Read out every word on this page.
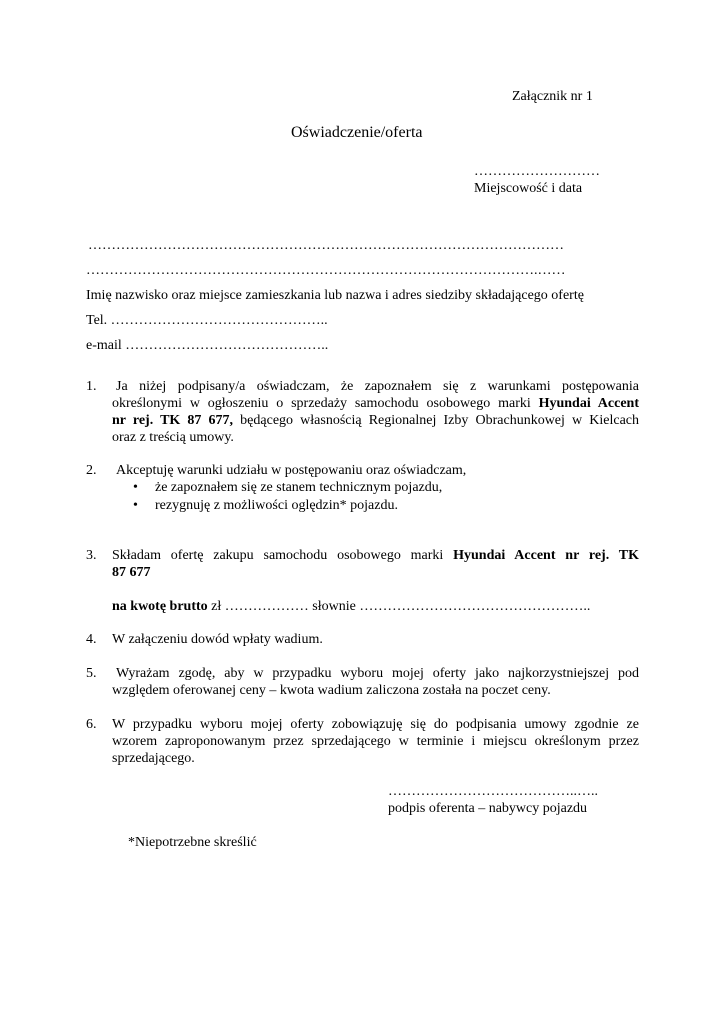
Załącznik nr 1
Oświadczenie/oferta
………………………
Miejscowość i data
…………………………………………………………………………………………
…………………………………………………………………………………….……
Imię nazwisko oraz miejsce zamieszkania lub nazwa i adres siedziby składającego ofertę
Tel. ………………………………………..
e-mail ……………………………………..
1. Ja niżej podpisany/a oświadczam, że zapoznałem się z warunkami postępowania
określonymi w ogłoszeniu o sprzedaży samochodu osobowego marki Hyundai Accent
nr rej. TK 87 677, będącego własnością Regionalnej Izby Obrachunkowej w Kielcach
oraz z treścią umowy.
2. Akceptuję warunki udziału w postępowaniu oraz oświadczam,
• że zapoznałem się ze stanem technicznym pojazdu,
• rezygnuję z możliwości oględzin* pojazdu.
3. Składam ofertę zakupu samochodu osobowego marki Hyundai Accent nr rej. TK
87 677
na kwotę brutto zł ……………… słownie …………………………………………..
4. W załączeniu dowód wpłaty wadium.
5. Wyrażam zgodę, aby w przypadku wyboru mojej oferty jako najkorzystniejszej pod
względem oferowanej ceny – kwota wadium zaliczona została na poczet ceny.
6. W przypadku wyboru mojej oferty zobowiązuję się do podpisania umowy zgodnie ze
wzorem zaproponowanym przez sprzedającego w terminie i miejscu określonym przez
sprzedającego.
…………………………………..…..
podpis oferenta – nabywcy pojazdu
*Niepotrzebne skreślić
